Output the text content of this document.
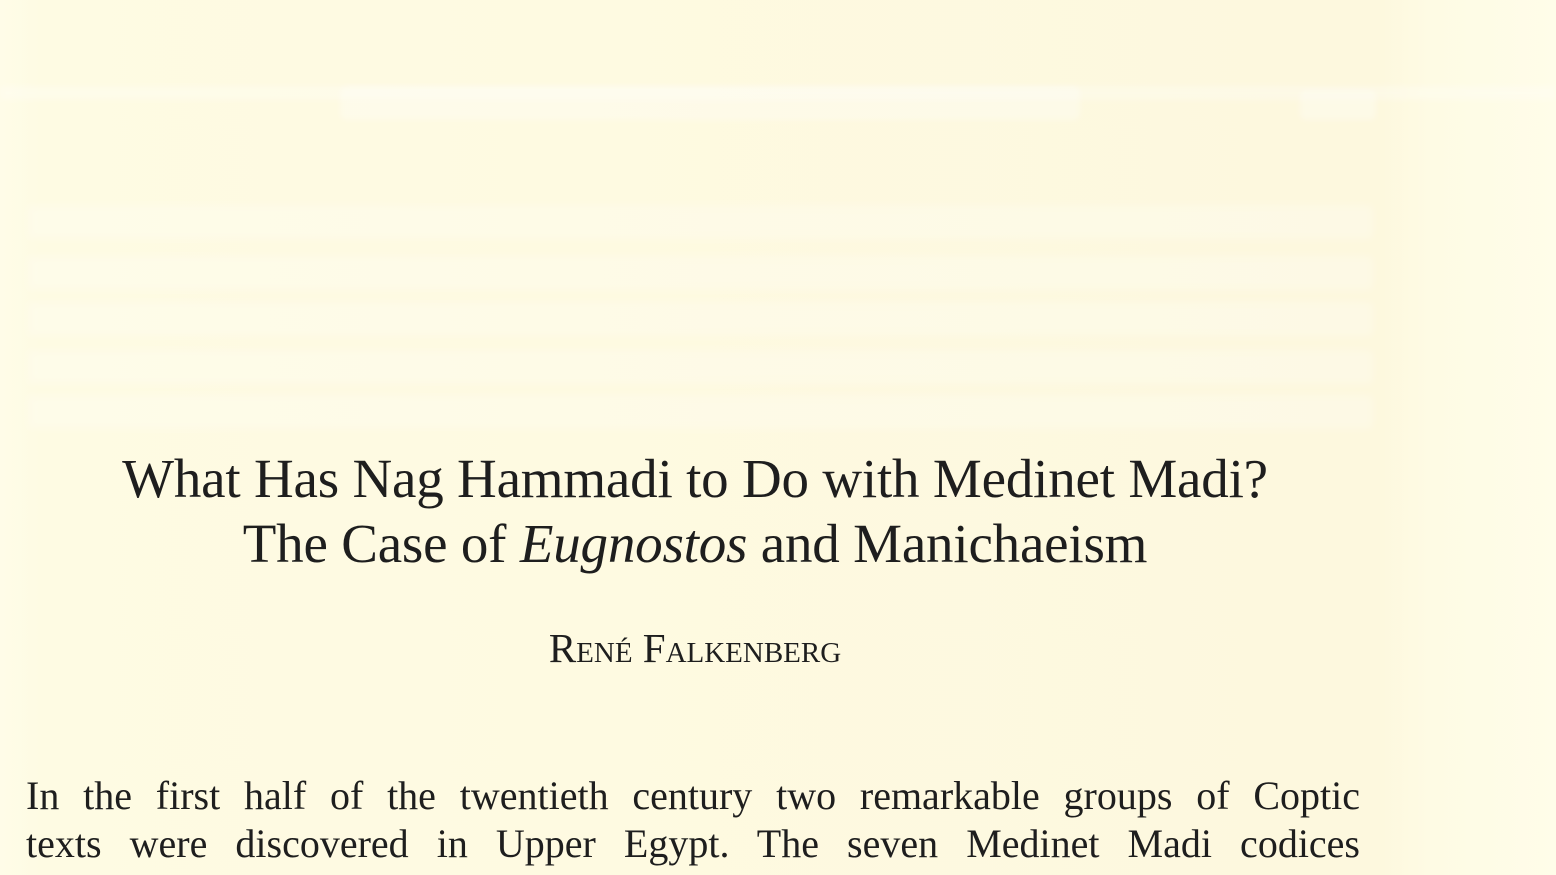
What Has Nag Hammadi to Do with Medinet Madi?
The Case of Eugnostos and Manichaeism
René Falkenberg
In the first half of the twentieth century two remarkable groups of Coptic
texts were discovered in Upper Egypt. The seven Medinet Madi codices
